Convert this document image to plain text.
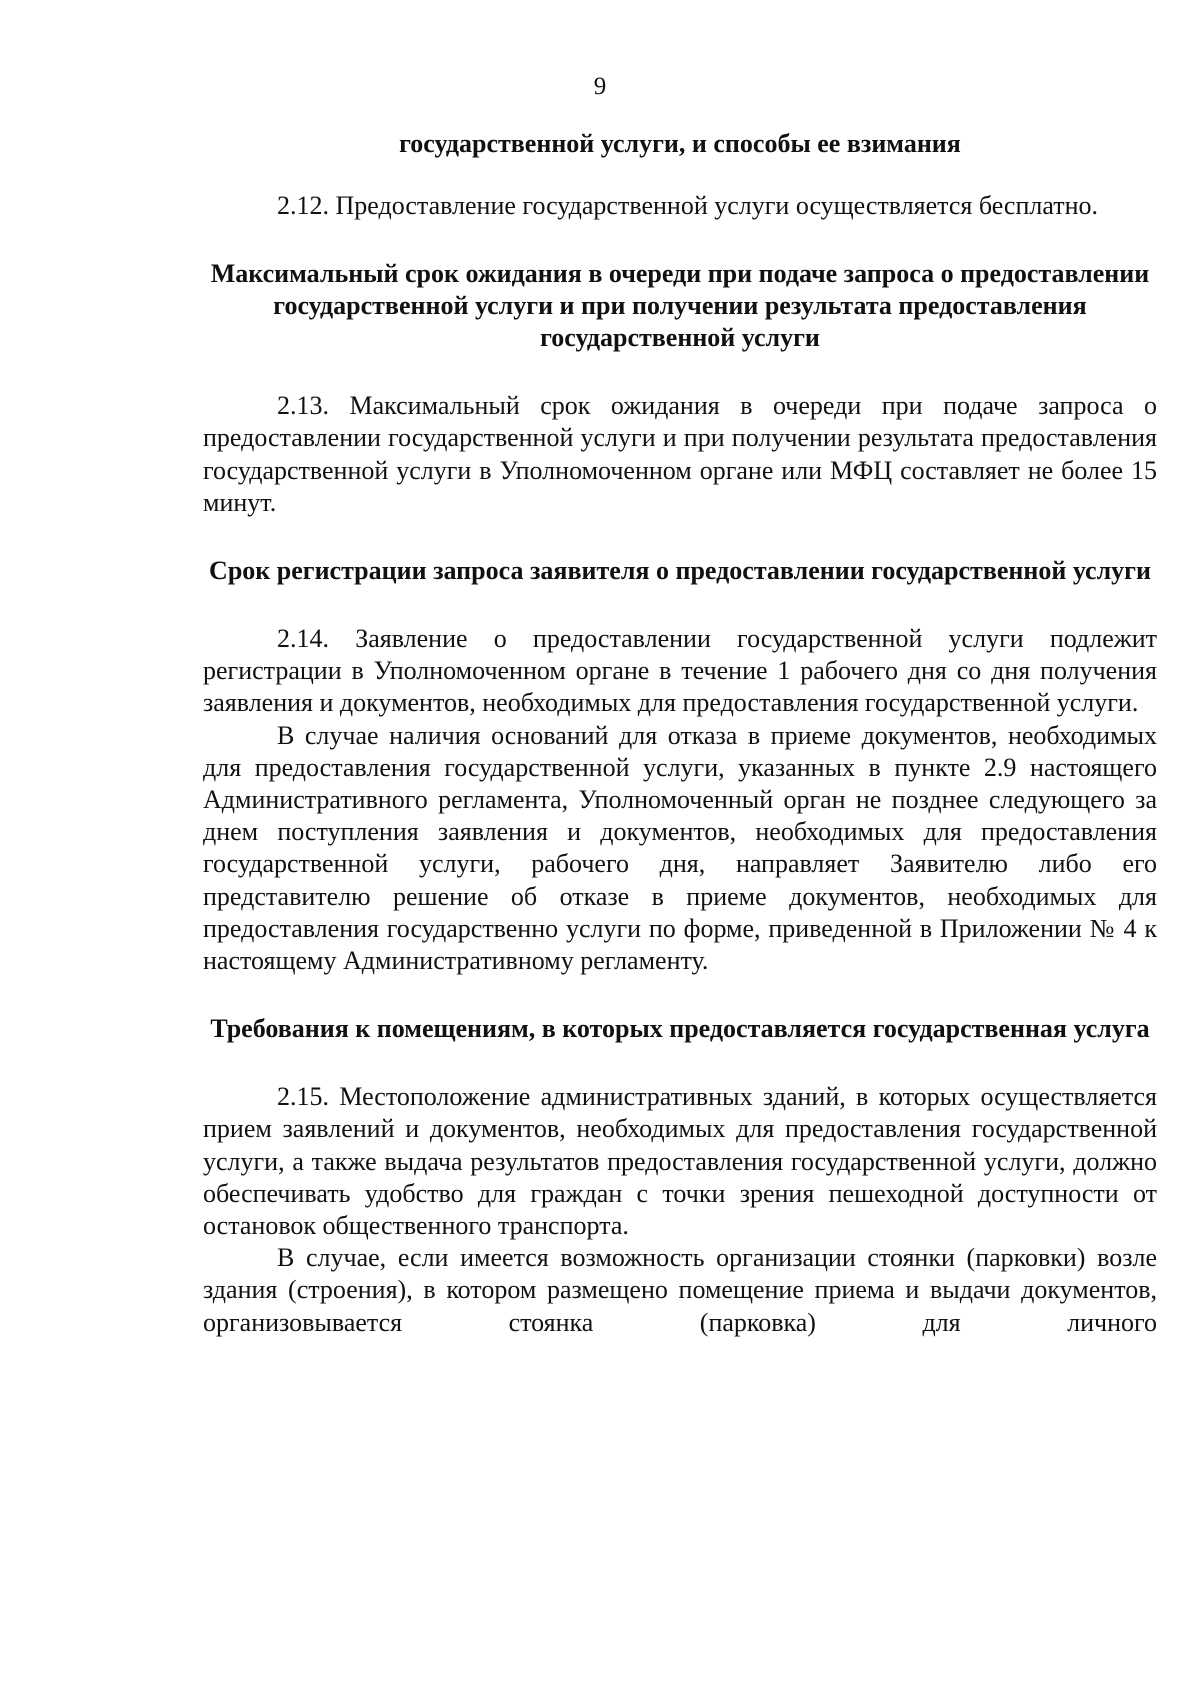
9

государственной услуги, и способы ее взимания

2.12. Предоставление государственной услуги осуществляется бесплатно.

Максимальный срок ожидания в очереди при подаче запроса о предоставлении государственной услуги и при получении результата предоставления государственной услуги

2.13. Максимальный срок ожидания в очереди при подаче запроса о предоставлении государственной услуги и при получении результата предоставления государственной услуги в Уполномоченном органе или МФЦ составляет не более 15 минут.

Срок регистрации запроса заявителя о предоставлении государственной услуги

2.14. Заявление о предоставлении государственной услуги подлежит регистрации в Уполномоченном органе в течение 1 рабочего дня со дня получения заявления и документов, необходимых для предоставления государственной услуги.

В случае наличия оснований для отказа в приеме документов, необходимых для предоставления государственной услуги, указанных в пункте 2.9 настоящего Административного регламента, Уполномоченный орган не позднее следующего за днем поступления заявления и документов, необходимых для предоставления государственной услуги, рабочего дня, направляет Заявителю либо его представителю решение об отказе в приеме документов, необходимых для предоставления государственно услуги по форме, приведенной в Приложении № 4 к настоящему Административному регламенту.

Требования к помещениям, в которых предоставляется государственная услуга

2.15. Местоположение административных зданий, в которых осуществляется прием заявлений и документов, необходимых для предоставления государственной услуги, а также выдача результатов предоставления государственной услуги, должно обеспечивать удобство для граждан с точки зрения пешеходной доступности от остановок общественного транспорта.

В случае, если имеется возможность организации стоянки (парковки) возле здания (строения), в котором размещено помещение приема и выдачи документов, организовывается стоянка (парковка) для личного
